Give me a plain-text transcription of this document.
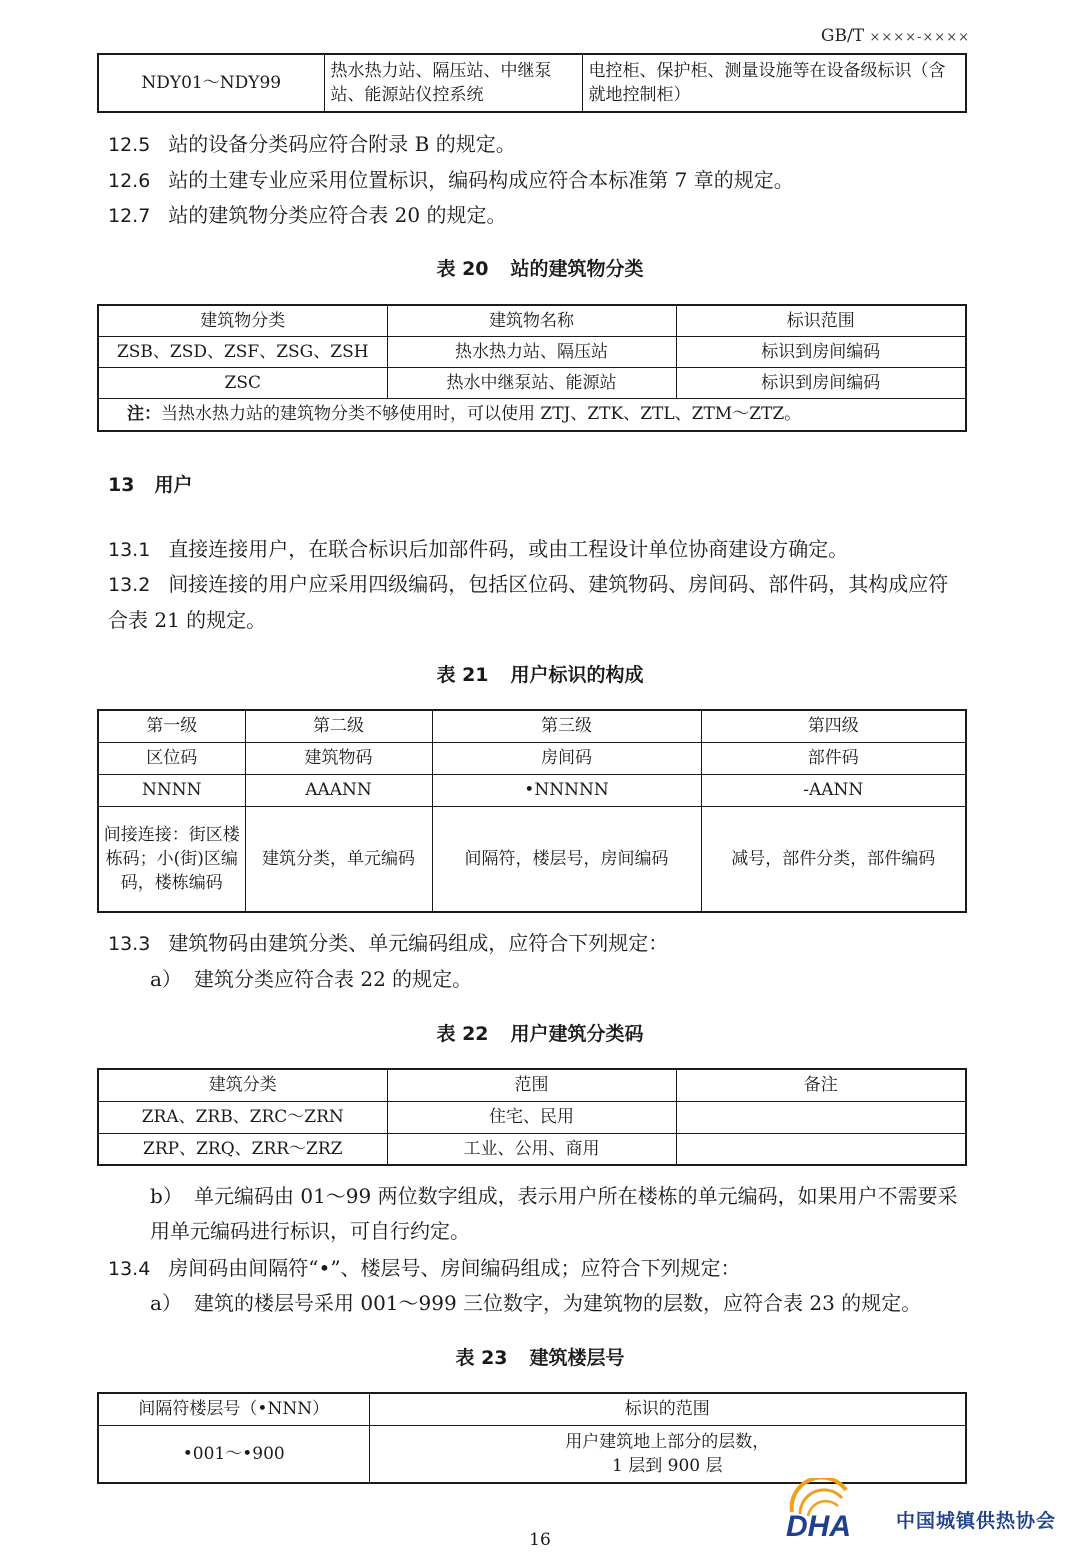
GB/T ××××-××××
NDY01～NDY99	热水热力站、隔压站、中继泵站、能源站仪控系统	电控柜、保护柜、测量设施等在设备级标识（含就地控制柜）
12.5 站的设备分类码应符合附录 B 的规定。
12.6 站的土建专业应采用位置标识，编码构成应符合本标准第 7 章的规定。
12.7 站的建筑物分类应符合表 20 的规定。
表 20 站的建筑物分类
建筑物分类	建筑物名称	标识范围
ZSB、ZSD、ZSF、ZSG、ZSH	热水热力站、隔压站	标识到房间编码
ZSC	热水中继泵站、能源站	标识到房间编码
注：当热水热力站的建筑物分类不够使用时，可以使用 ZTJ、ZTK、ZTL、ZTM～ZTZ。		
13 用户
13.1 直接连接用户，在联合标识后加部件码，或由工程设计单位协商建设方确定。
13.2 间接连接的用户应采用四级编码，包括区位码、建筑物码、房间码、部件码，其构成应符合表 21 的规定。
表 21 用户标识的构成
第一级	第二级	第三级	第四级
区位码	建筑物码	房间码	部件码
NNNN	AAANN	•NNNNN	-AANN
间接连接：街区楼栋码；小(街)区编码，楼栋编码	建筑分类，单元编码	间隔符，楼层号，房间编码	减号，部件分类，部件编码
13.3 建筑物码由建筑分类、单元编码组成，应符合下列规定：
a） 建筑分类应符合表 22 的规定。
表 22 用户建筑分类码
建筑分类	范围	备注
ZRA、ZRB、ZRC～ZRN	住宅、民用	
ZRP、ZRQ、ZRR～ZRZ	工业、公用、商用	
b） 单元编码由 01～99 两位数字组成，表示用户所在楼栋的单元编码，如果用户不需要采用单元编码进行标识，可自行约定。
13.4 房间码由间隔符“•”、楼层号、房间编码组成；应符合下列规定：
a） 建筑的楼层号采用 001～999 三位数字，为建筑物的层数，应符合表 23 的规定。
表 23 建筑楼层号
间隔符楼层号（•NNN）	标识的范围
•001～•900	用户建筑地上部分的层数，
1 层到 900 层
16	DHA 中国城镇供热协会
